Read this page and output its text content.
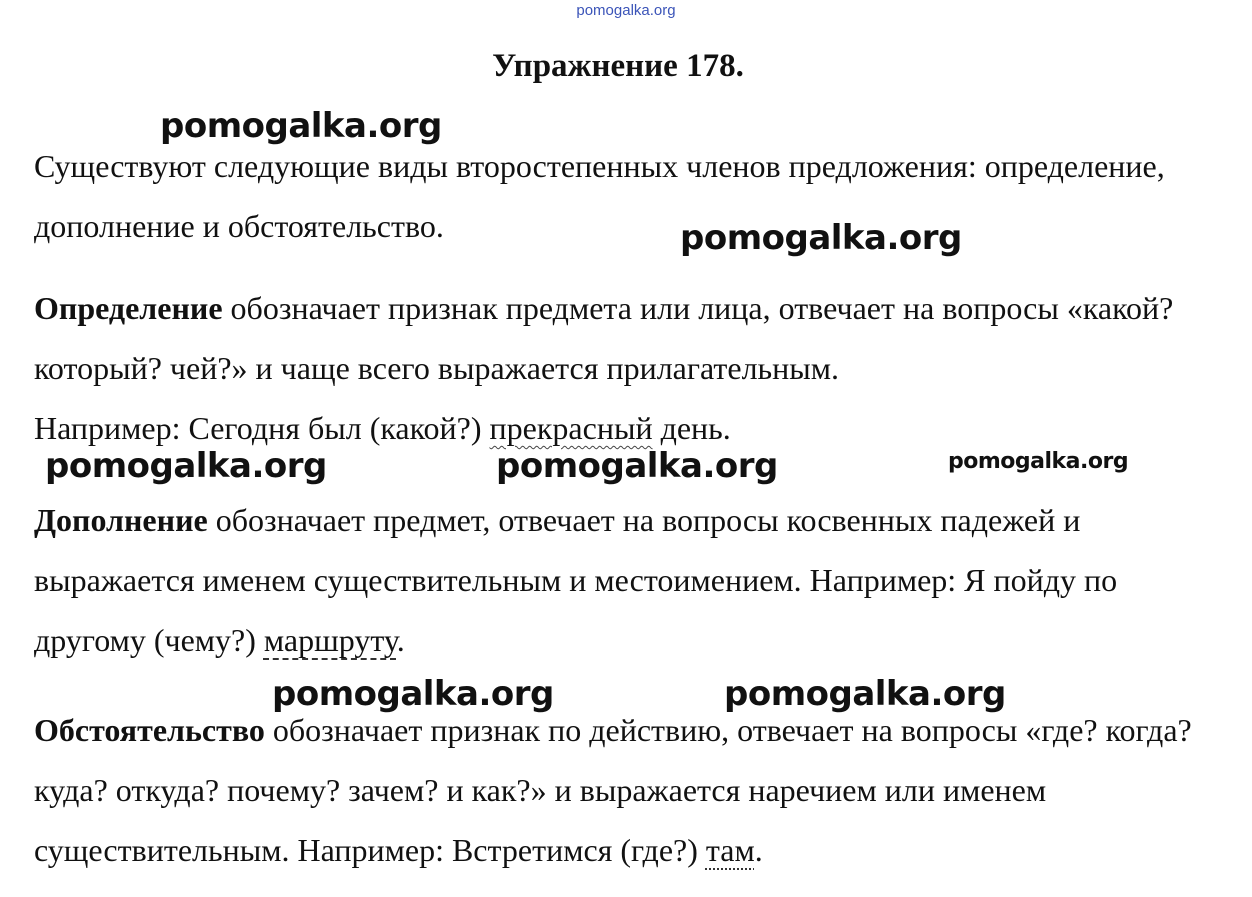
pomogalka.org
Упражнение 178.

Существуют следующие виды второстепенных членов предложения: определение, дополнение и обстоятельство.

Определение обозначает признак предмета или лица, отвечает на вопросы «какой? который? чей?» и чаще всего выражается прилагательным.
Например: Сегодня был (какой?) прекрасный день.

Дополнение обозначает предмет, отвечает на вопросы косвенных падежей и выражается именем существительным и местоимением. Например: Я пойду по другому (чему?) маршруту.

Обстоятельство обозначает признак по действию, отвечает на вопросы «где? когда? куда? откуда? почему? зачем? и как?» и выражается наречием или именем существительным. Например: Встретимся (где?) там.

pomogalka.org
pomogalka.org
pomogalka.org	pomogalka.org	pomogalka.org
pomogalka.org	pomogalka.org
